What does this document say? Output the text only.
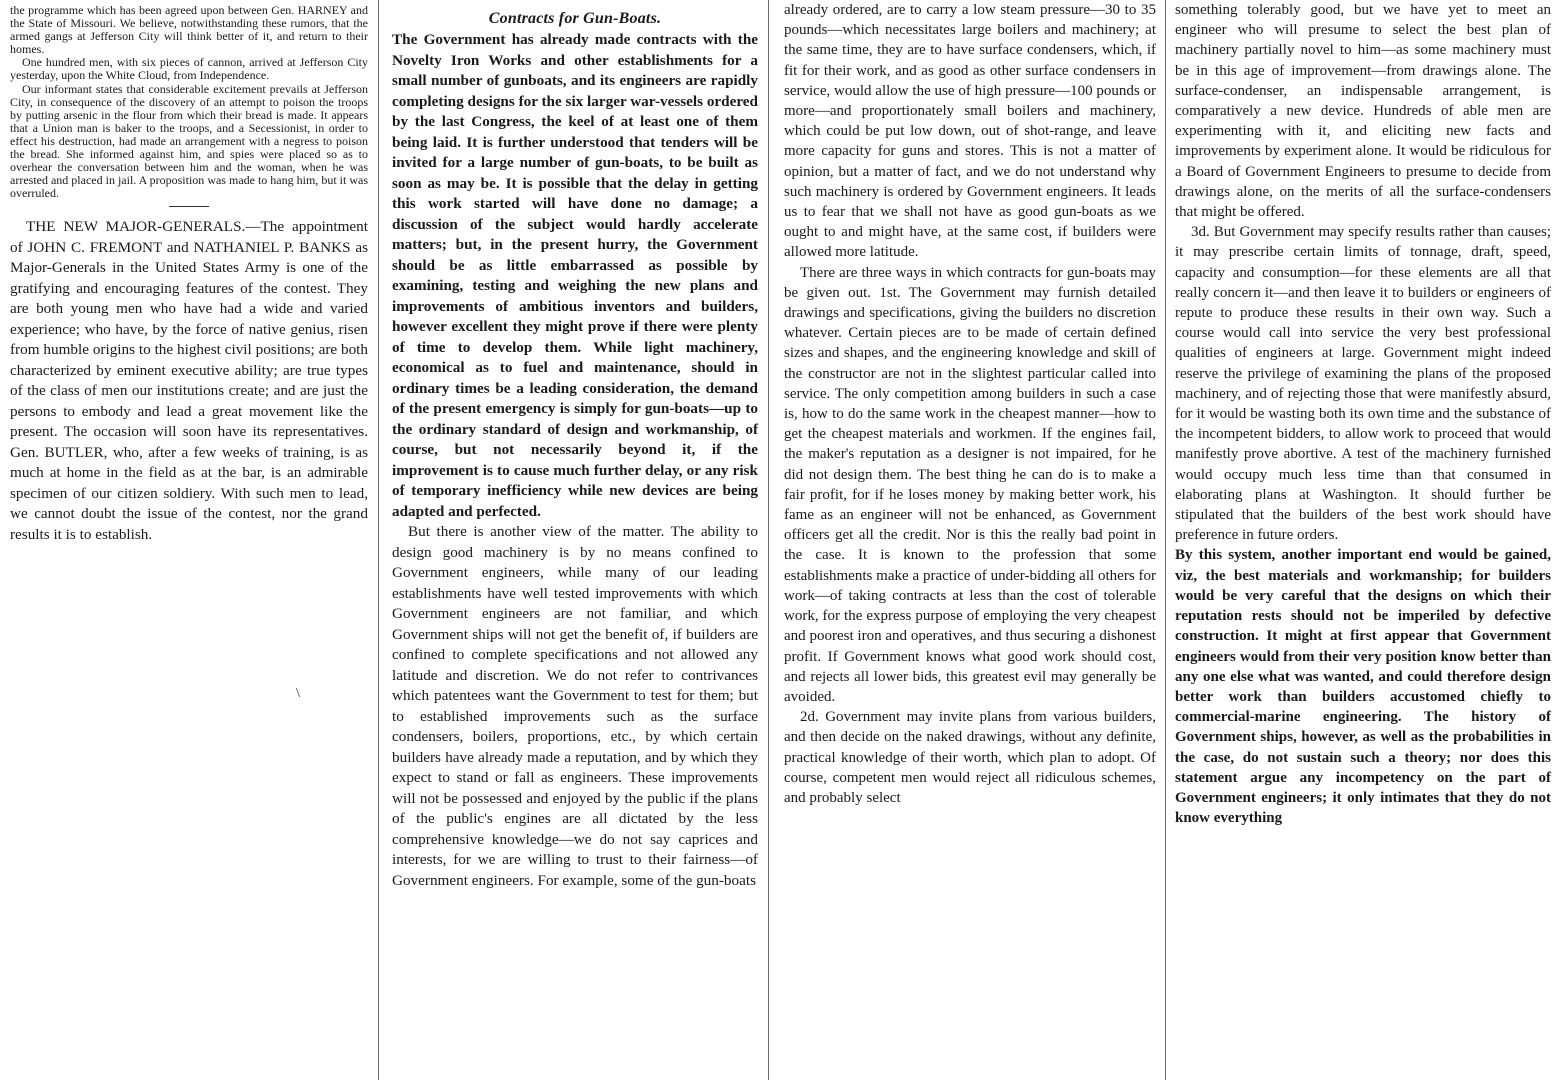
the programme which has been agreed upon between Gen. HARNEY and the State of Missouri. We believe, notwithstanding these rumors, that the armed gangs at Jefferson City will think better of it, and return to their homes.

One hundred men, with six pieces of cannon, arrived at Jefferson City yesterday, upon the White Cloud, from Independence.

Our informant states that considerable excitement prevails at Jefferson City, in consequence of the discovery of an attempt to poison the troops by putting arsenic in the flour from which their bread is made. It appears that a Union man is baker to the troops, and a Secessionist, in order to effect his destruction, had made an arrangement with a negress to poison the bread. She informed against him, and spies were placed so as to overhear the conversation between him and the woman, when he was arrested and placed in jail. A proposition was made to hang him, but it was overruled.

THE NEW MAJOR-GENERALS.—The appointment of JOHN C. FREMONT and NATHANIEL P. BANKS as Major-Generals in the United States Army is one of the gratifying and encouraging features of the contest. They are both young men who have had a wide and varied experience; who have, by the force of native genius, risen from humble origins to the highest civil positions; are both characterized by eminent executive ability; are true types of the class of men our institutions create; and are just the persons to embody and lead a great movement like the present. The occasion will soon have its representatives. Gen. BUTLER, who, after a few weeks of training, is as much at home in the field as at the bar, is an admirable specimen of our citizen soldiery. With such men to lead, we cannot doubt the issue of the contest, nor the grand results it is to establish.

\
Contracts for Gun-Boats.

The Government has already made contracts with the Novelty Iron Works and other establishments for a small number of gunboats, and its engineers are rapidly completing designs for the six larger war-vessels ordered by the last Congress, the keel of at least one of them being laid. It is further understood that tenders will be invited for a large number of gun-boats, to be built as soon as may be. It is possible that the delay in getting this work started will have done no damage; a discussion of the subject would hardly accelerate matters; but, in the present hurry, the Government should be as little embarrassed as possible by examining, testing and weighing the new plans and improvements of ambitious inventors and builders, however excellent they might prove if there were plenty of time to develop them. While light machinery, economical as to fuel and maintenance, should in ordinary times be a leading consideration, the demand of the present emergency is simply for gun-boats—up to the ordinary standard of design and workmanship, of course, but not necessarily beyond it, if the improvement is to cause much further delay, or any risk of temporary inefficiency while new devices are being adapted and perfected.

But there is another view of the matter. The ability to design good machinery is by no means confined to Government engineers, while many of our leading establishments have well tested improvements with which Government engineers are not familiar, and which Government ships will not get the benefit of, if builders are confined to complete specifications and not allowed any latitude and discretion. We do not refer to contrivances which patentees want the Government to test for them; but to established improvements such as the surface condensers, boilers, proportions, etc., by which certain builders have already made a reputation, and by which they expect to stand or fall as engineers. These improvements will not be possessed and enjoyed by the public if the plans of the public's engines are all dictated by the less comprehensive knowledge—we do not say caprices and interests, for we are willing to trust to their fairness—of Government engineers. For example, some of the gun-boats

already ordered, are to carry a low steam pressure—30 to 35 pounds—which necessitates large boilers and machinery; at the same time, they are to have surface condensers, which, if fit for their work, and as good as other surface condensers in service, would allow the use of high pressure—100 pounds or more—and proportionately small boilers and machinery, which could be put low down, out of shot-range, and leave more capacity for guns and stores. This is not a matter of opinion, but a matter of fact, and we do not understand why such machinery is ordered by Government engineers. It leads us to fear that we shall not have as good gun-boats as we ought to and might have, at the same cost, if builders were allowed more latitude.

There are three ways in which contracts for gun-boats may be given out. 1st. The Government may furnish detailed drawings and specifications, giving the builders no discretion whatever. Certain pieces are to be made of certain defined sizes and shapes, and the engineering knowledge and skill of the constructor are not in the slightest particular called into service. The only competition among builders in such a case is, how to do the same work in the cheapest manner—how to get the cheapest materials and workmen. If the engines fail, the maker's reputation as a designer is not impaired, for he did not design them. The best thing he can do is to make a fair profit, for if he loses money by making better work, his fame as an engineer will not be enhanced, as Government officers get all the credit. Nor is this the really bad point in the case. It is known to the profession that some establishments make a practice of under-bidding all others for work—of taking contracts at less than the cost of tolerable work, for the express purpose of employing the very cheapest and poorest iron and operatives, and thus securing a dishonest profit. If Government knows what good work should cost, and rejects all lower bids, this greatest evil may generally be avoided.

2d. Government may invite plans from various builders, and then decide on the naked drawings, without any definite, practical knowledge of their worth, which plan to adopt. Of course, competent men would reject all ridiculous schemes, and probably select

something tolerably good, but we have yet to meet an engineer who will presume to select the best plan of machinery partially novel to him—as some machinery must be in this age of improvement—from drawings alone. The surface-condenser, an indispensable arrangement, is comparatively a new device. Hundreds of able men are experimenting with it, and eliciting new facts and improvements by experiment alone. It would be ridiculous for a Board of Government Engineers to presume to decide from drawings alone, on the merits of all the surface-condensers that might be offered.

3d. But Government may specify results rather than causes; it may prescribe certain limits of tonnage, draft, speed, capacity and consumption—for these elements are all that really concern it—and then leave it to builders or engineers of repute to produce these results in their own way. Such a course would call into service the very best professional qualities of engineers at large. Government might indeed reserve the privilege of examining the plans of the proposed machinery, and of rejecting those that were manifestly absurd, for it would be wasting both its own time and the substance of the incompetent bidders, to allow work to proceed that would manifestly prove abortive. A test of the machinery furnished would occupy much less time than that consumed in elaborating plans at Washington. It should further be stipulated that the builders of the best work should have preference in future orders.

By this system, another important end would be gained, viz, the best materials and workmanship; for builders would be very careful that the designs on which their reputation rests should not be imperiled by defective construction. It might at first appear that Government engineers would from their very position know better than any one else what was wanted, and could therefore design better work than builders accustomed chiefly to commercial-marine engineering. The history of Government ships, however, as well as the probabilities in the case, do not sustain such a theory; nor does this statement argue any incompetency on the part of Government engineers; it only intimates that they do not know everything
